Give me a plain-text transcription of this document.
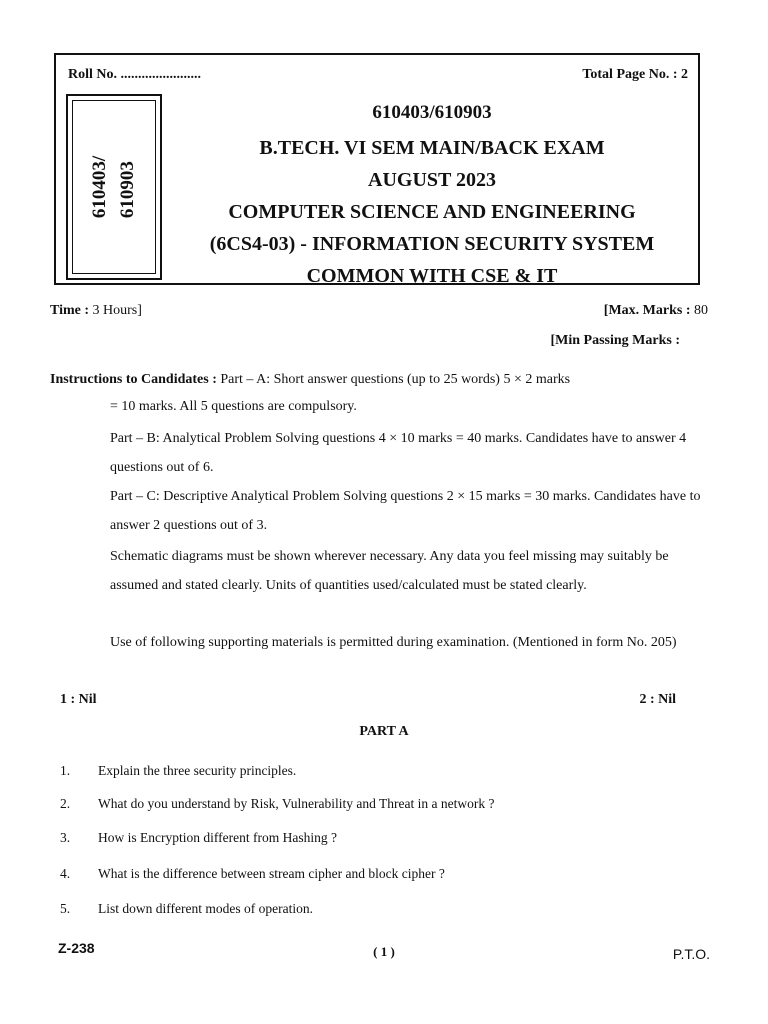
Roll No. .......................	Total Page No. : 2
610403/ 610903
610403/610903
B.TECH. VI SEM MAIN/BACK EXAM
AUGUST 2023
COMPUTER SCIENCE AND ENGINEERING
(6CS4-03) - INFORMATION SECURITY SYSTEM
COMMON WITH CSE & IT
Time : 3 Hours]	[Max. Marks : 80
[Min Passing Marks :
Instructions to Candidates : Part – A: Short answer questions (up to 25 words) 5 × 2 marks
= 10 marks. All 5 questions are compulsory.
Part – B: Analytical Problem Solving questions 4 × 10 marks = 40 marks. Candidates have to answer 4 questions out of 6.
Part – C: Descriptive Analytical Problem Solving questions 2 × 15 marks = 30 marks. Candidates have to answer 2 questions out of 3.
Schematic diagrams must be shown wherever necessary. Any data you feel missing may suitably be assumed and stated clearly. Units of quantities used/calculated must be stated clearly.
Use of following supporting materials is permitted during examination. (Mentioned in form No. 205)
1 : Nil	2 : Nil
PART A
1. Explain the three security principles.
2. What do you understand by Risk, Vulnerability and Threat in a network ?
3. How is Encryption different from Hashing ?
4. What is the difference between stream cipher and block cipher ?
5. List down different modes of operation.
Z-238	( 1 )	P.T.O.
